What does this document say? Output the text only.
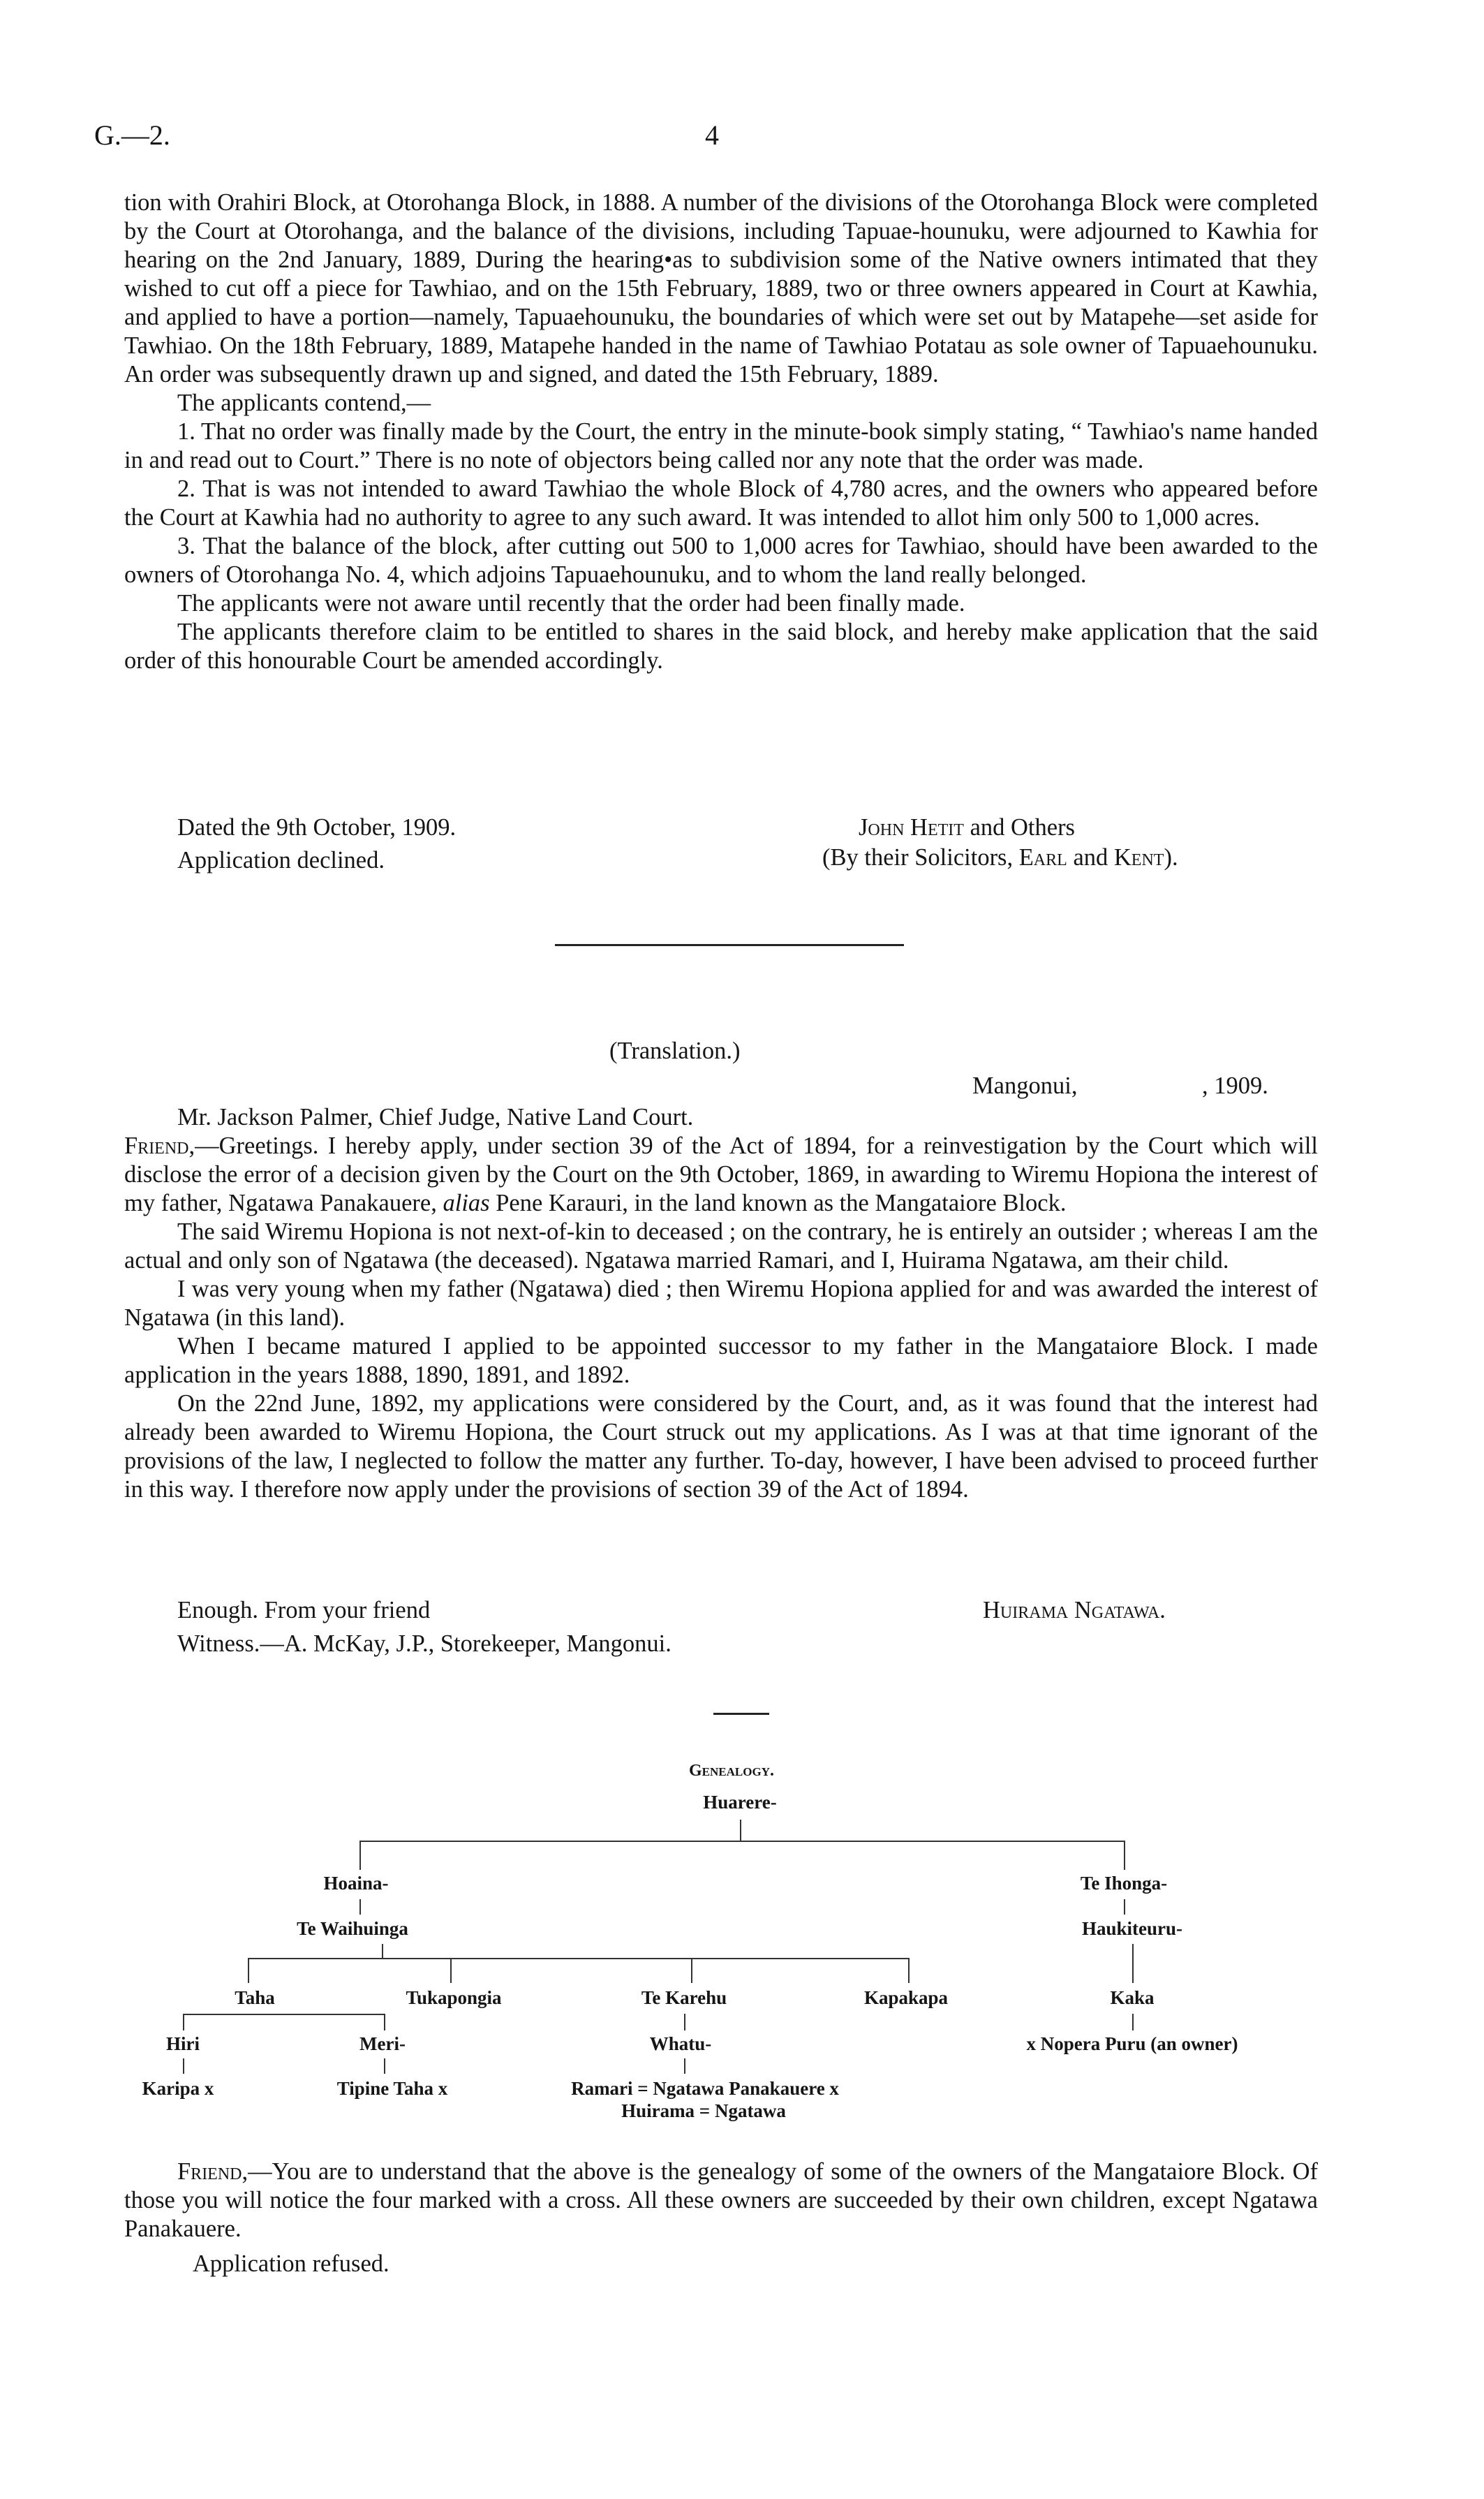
G.—2.	4

tion with Orahiri Block, at Otorohanga Block, in 1888. A number of the divisions of the Otorohanga Block were completed by the Court at Otorohanga, and the balance of the divisions, including Tapuae-hounuku, were adjourned to Kawhia for hearing on the 2nd January, 1889, During the hearing•as to subdivision some of the Native owners intimated that they wished to cut off a piece for Tawhiao, and on the 15th February, 1889, two or three owners appeared in Court at Kawhia, and applied to have a portion—namely, Tapuaehounuku, the boundaries of which were set out by Matapehe—set aside for Tawhiao. On the 18th February, 1889, Matapehe handed in the name of Tawhiao Potatau as sole owner of Tapuaehounuku. An order was subsequently drawn up and signed, and dated the 15th February, 1889.

The applicants contend,—

1. That no order was finally made by the Court, the entry in the minute-book simply stating, “ Tawhiao's name handed in and read out to Court.” There is no note of objectors being called nor any note that the order was made.

2. That is was not intended to award Tawhiao the whole Block of 4,780 acres, and the owners who appeared before the Court at Kawhia had no authority to agree to any such award. It was intended to allot him only 500 to 1,000 acres.

3. That the balance of the block, after cutting out 500 to 1,000 acres for Tawhiao, should have been awarded to the owners of Otorohanga No. 4, which adjoins Tapuaehounuku, and to whom the land really belonged.

The applicants were not aware until recently that the order had been finally made.

The applicants therefore claim to be entitled to shares in the said block, and hereby make application that the said order of this honourable Court be amended accordingly.

Dated the 9th October, 1909.	John Hetit and Others
Application declined.	(By their Solicitors, Earl and Kent).
(Translation.)
Mangonui,	, 1909.
Mr. Jackson Palmer, Chief Judge, Native Land Court.

Friend,—Greetings. I hereby apply, under section 39 of the Act of 1894, for a reinvestigation by the Court which will disclose the error of a decision given by the Court on the 9th October, 1869, in awarding to Wiremu Hopiona the interest of my father, Ngatawa Panakauere, alias Pene Karauri, in the land known as the Mangataiore Block.

The said Wiremu Hopiona is not next-of-kin to deceased ; on the contrary, he is entirely an outsider ; whereas I am the actual and only son of Ngatawa (the deceased). Ngatawa married Ramari, and I, Huirama Ngatawa, am their child.

I was very young when my father (Ngatawa) died ; then Wiremu Hopiona applied for and was awarded the interest of Ngatawa (in this land).

When I became matured I applied to be appointed successor to my father in the Mangataiore Block. I made application in the years 1888, 1890, 1891, and 1892.

On the 22nd June, 1892, my applications were considered by the Court, and, as it was found that the interest had already been awarded to Wiremu Hopiona, the Court struck out my applications. As I was at that time ignorant of the provisions of the law, I neglected to follow the matter any further. To-day, however, I have been advised to proceed further in this way. I therefore now apply under the provisions of section 39 of the Act of 1894.

Enough. From your friend	Huirama Ngatawa.
Witness.—A. McKay, J.P., Storekeeper, Mangonui.
Genealogy.
Huarere-
Hoaina-	Te Ihonga-
Te Waihuinga	Haukiteuru-
Taha	Tukapongia	Te Karehu	Kapakapa	Kaka
Hiri	Meri-	Whatu-	x Nopera Puru (an owner)
Karipa x	Tipine Taha x	Ramari = Ngatawa Panakauere x
Huirama = Ngatawa

Friend,—You are to understand that the above is the genealogy of some of the owners of the Mangataiore Block. Of those you will notice the four marked with a cross. All these owners are succeeded by their own children, except Ngatawa Panakauere.

Application refused.
